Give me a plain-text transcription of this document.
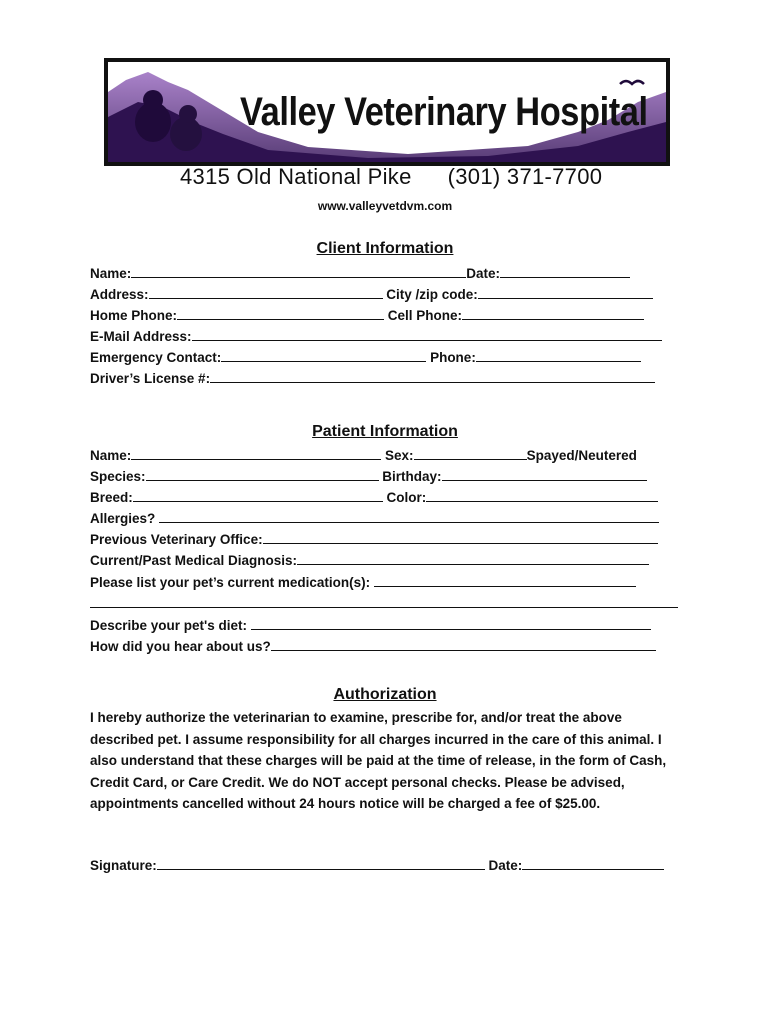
Valley Veterinary Hospital
4315 Old National Pike (301) 371-7700
www.valleyvetdvm.com
Client Information
Name:	Date:
Address:	City /zip code:
Home Phone:	Cell Phone:
E-Mail Address:
Emergency Contact:	Phone:
Driver’s License #:
Patient Information
Name:	Sex:	Spayed/Neutered
Species:	Birthday:
Breed:	Color:
Allergies?
Previous Veterinary Office:
Current/Past Medical Diagnosis:
Please list your pet’s current medication(s):
Describe your pet's diet:
How did you hear about us?
Authorization
I hereby authorize the veterinarian to examine, prescribe for, and/or treat the above described pet. I assume responsibility for all charges incurred in the care of this animal. I also understand that these charges will be paid at the time of release, in the form of Cash, Credit Card, or Care Credit. We do NOT accept personal checks. Please be advised, appointments cancelled without 24 hours notice will be charged a fee of $25.00.
Signature:	Date:
